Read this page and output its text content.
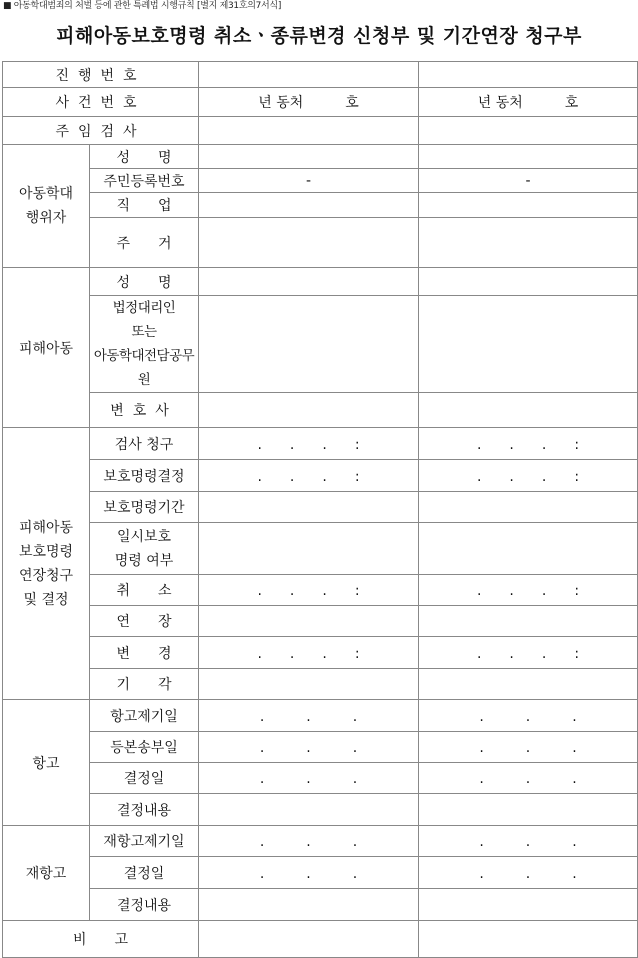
■ 아동학대범죄의 처벌 등에 관한 특례법 시행규칙 [별지 제31호의7서식]
피해아동보호명령 취소ㆍ종류변경 신청부 및 기간연장 청구부
진행번호			
사건번호		년 동처　　　호	년 동처　　　호
주임검사			
아동학대
행위자	성　　명		
	주민등록번호	-	-
	직　　업		
	주　　거		
피해아동	성　　명		
	법정대리인
또는
아동학대전담공무
원		
	변호사		
피해아동
보호명령
연장청구
및 결정	검사 청구	.　　.　　.　　:	.　　.　　.　　:
	보호명령결정	.　　.　　.　　:	.　　.　　.　　:
	보호명령기간		
	일시보호
명령 여부		
	취　　소	.　　.　　.　　:	.　　.　　.　　:
	연　　장		
	변　　경	.　　.　　.　　:	.　　.　　.　　:
	기　　각		
항고	항고제기일	.　　　.　　　.	.　　　.　　　.
	등본송부일	.　　　.　　　.	.　　　.　　　.
	결정일	.　　　.　　　.	.　　　.　　　.
	결정내용		
재항고	재항고제기일	.　　　.　　　.	.　　　.　　　.
	결정일	.　　　.　　　.	.　　　.　　　.
	결정내용		
비　　고			
